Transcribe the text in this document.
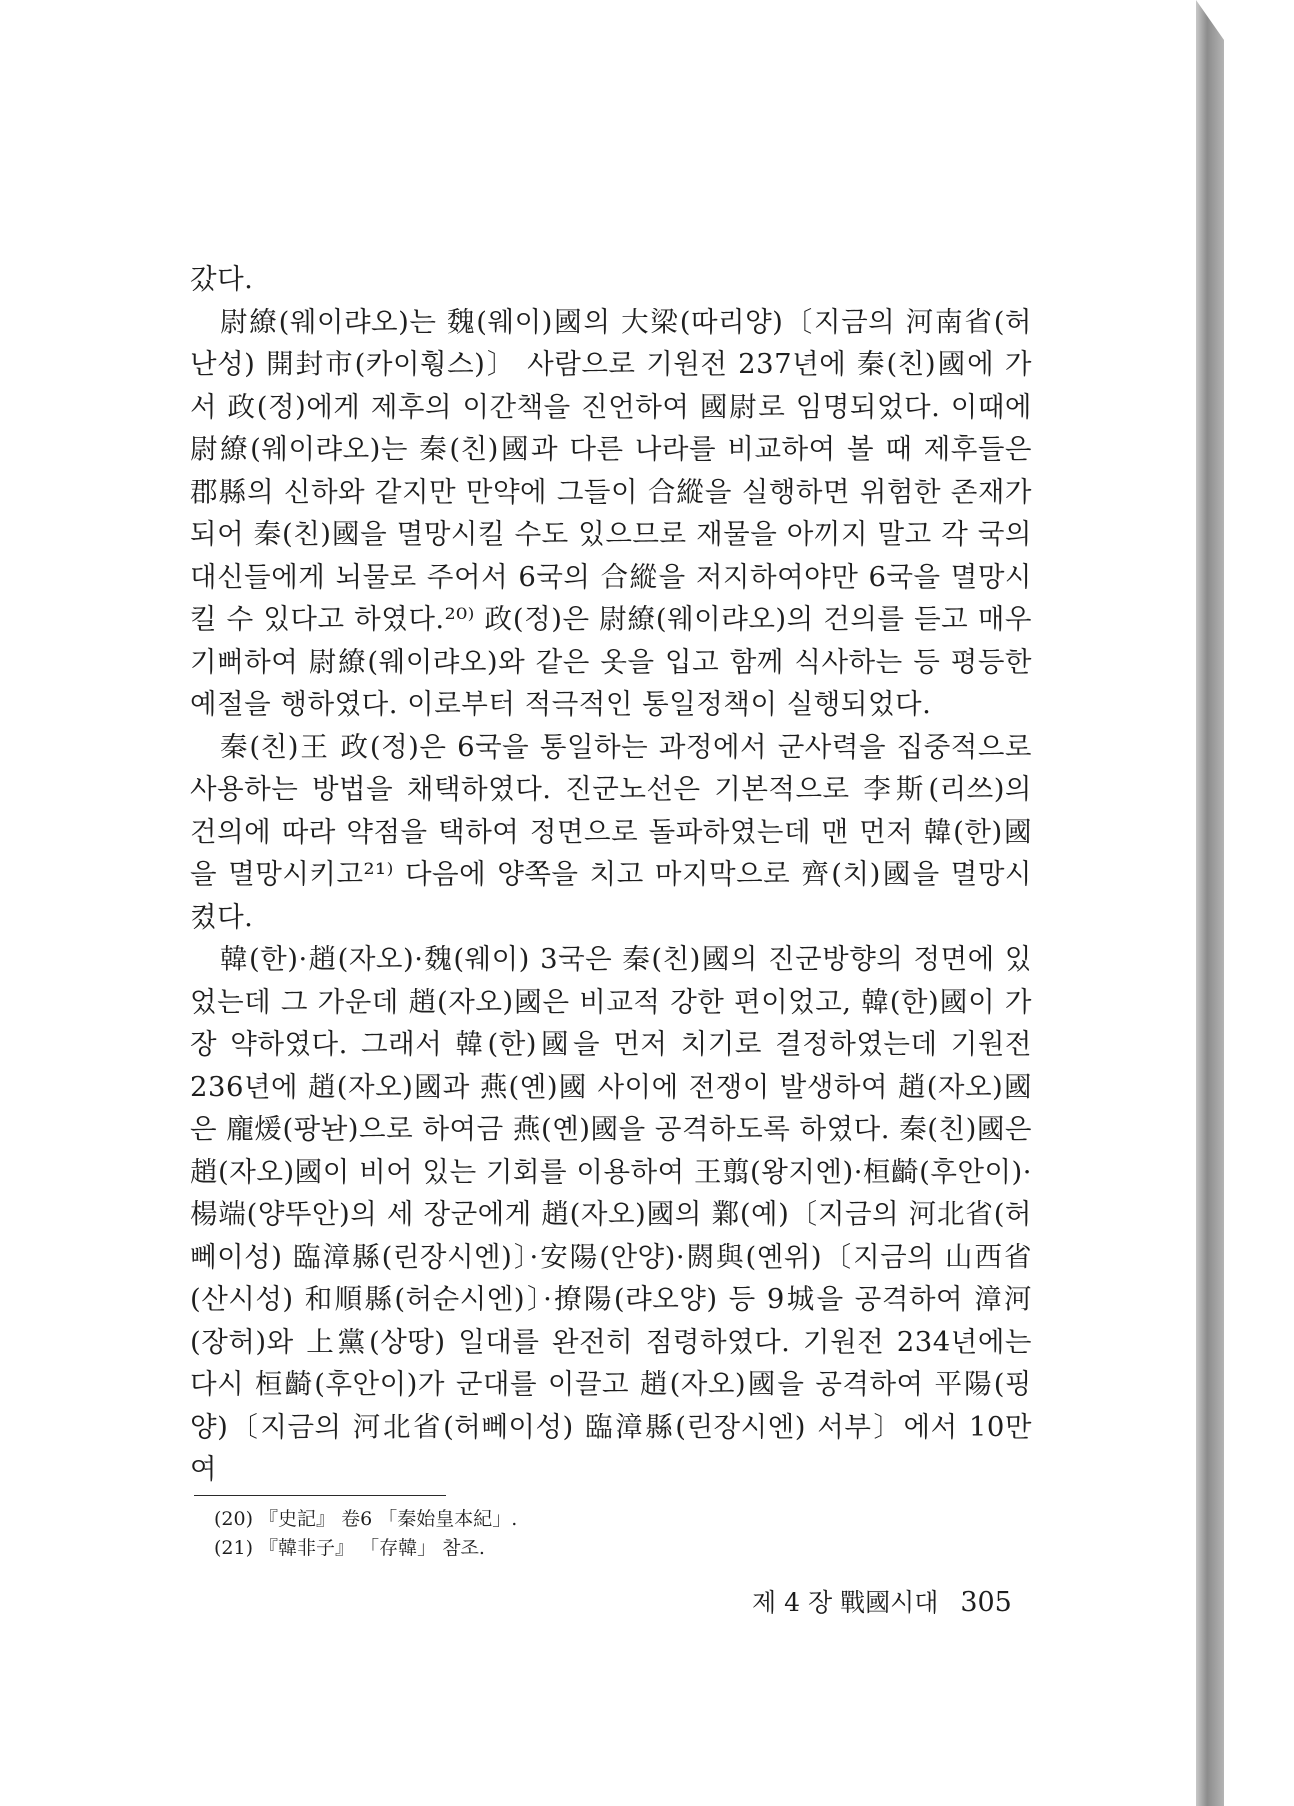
갔다.

尉繚(웨이랴오)는 魏(웨이)國의 大梁(따리양)〔지금의 河南省(허난성) 開封市(카이훵스)〕 사람으로 기원전 237년에 秦(친)國에 가서 政(정)에게 제후의 이간책을 진언하여 國尉로 임명되었다. 이때에 尉繚(웨이랴오)는 秦(친)國과 다른 나라를 비교하여 볼 때 제후들은 郡縣의 신하와 같지만 만약에 그들이 合縱을 실행하면 위험한 존재가 되어 秦(친)國을 멸망시킬 수도 있으므로 재물을 아끼지 말고 각 국의 대신들에게 뇌물로 주어서 6국의 合縱을 저지하여야만 6국을 멸망시킬 수 있다고 하였다.²⁰⁾ 政(정)은 尉繚(웨이랴오)의 건의를 듣고 매우 기뻐하여 尉繚(웨이랴오)와 같은 옷을 입고 함께 식사하는 등 평등한 예절을 행하였다. 이로부터 적극적인 통일정책이 실행되었다.

秦(친)王 政(정)은 6국을 통일하는 과정에서 군사력을 집중적으로 사용하는 방법을 채택하였다. 진군노선은 기본적으로 李斯(리쓰)의 건의에 따라 약점을 택하여 정면으로 돌파하였는데 맨 먼저 韓(한)國을 멸망시키고²¹⁾ 다음에 양쪽을 치고 마지막으로 齊(치)國을 멸망시켰다.

韓(한)·趙(자오)·魏(웨이) 3국은 秦(친)國의 진군방향의 정면에 있었는데 그 가운데 趙(자오)國은 비교적 강한 편이었고, 韓(한)國이 가장 약하였다. 그래서 韓(한)國을 먼저 치기로 결정하였는데 기원전 236년에 趙(자오)國과 燕(옌)國 사이에 전쟁이 발생하여 趙(자오)國은 龐煖(팡놘)으로 하여금 燕(옌)國을 공격하도록 하였다. 秦(친)國은 趙(자오)國이 비어 있는 기회를 이용하여 王翦(왕지엔)·桓齮(후안이)·楊端(양뚜안)의 세 장군에게 趙(자오)國의 鄴(예)〔지금의 河北省(허뻬이성) 臨漳縣(린장시엔)〕·安陽(안양)·閼與(옌위)〔지금의 山西省(산시성) 和順縣(허순시엔)〕·撩陽(랴오양) 등 9城을 공격하여 漳河(장허)와 上黨(상땅) 일대를 완전히 점령하였다. 기원전 234년에는 다시 桓齮(후안이)가 군대를 이끌고 趙(자오)國을 공격하여 平陽(핑양)〔지금의 河北省(허뻬이성) 臨漳縣(린장시엔) 서부〕에서 10만 여

(20) 『史記』 卷6 「秦始皇本紀」.
(21) 『韓非子』 「存韓」 참조.
제 4 장 戰國시대 305
